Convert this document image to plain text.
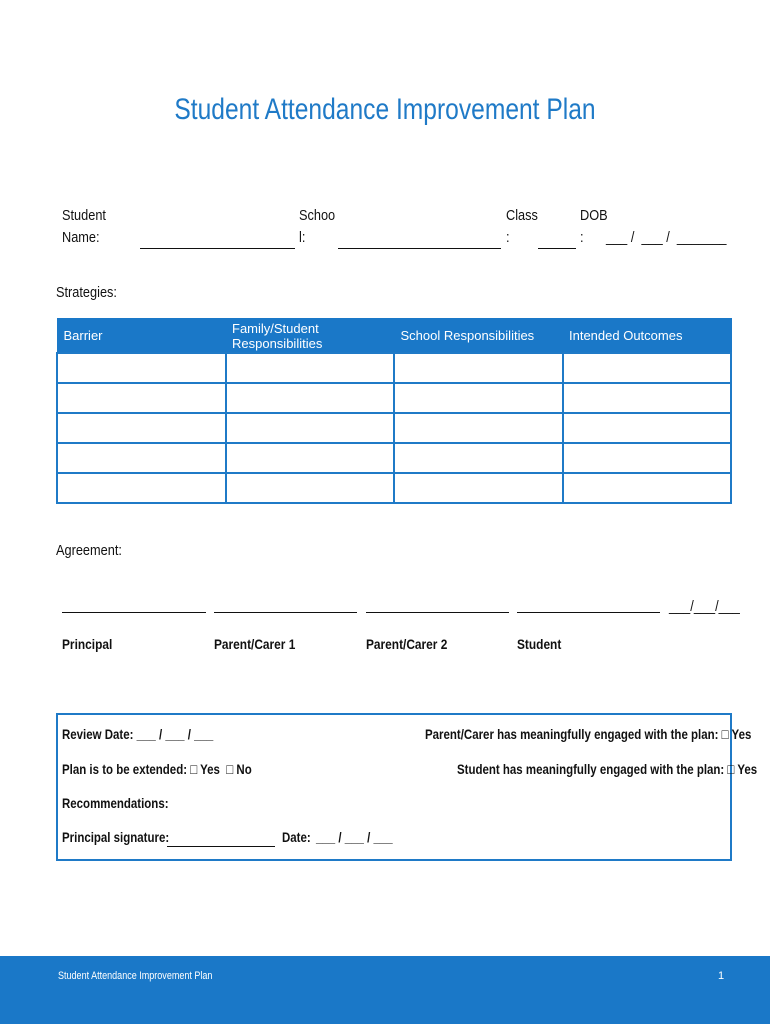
Student Attendance Improvement Plan
Student
Name:
Schoo
l:
Class
:
DOB
:	___ /  ___ /  _______
Strategies:
Barrier	Family/Student Responsibilities	School Responsibilities	Intended Outcomes

Agreement:
___/___/___
Principal	Parent/Carer 1	Parent/Carer 2	Student
Review Date: ___ / ___ / ___	Parent/Carer has meaningfully engaged with the plan: □ Yes
Plan is to be extended: □ Yes  □ No	Student has meaningfully engaged with the plan: □ Yes
Recommendations:
Principal signature:	Date: ___ / ___ / ___
Student Attendance Improvement Plan	1
